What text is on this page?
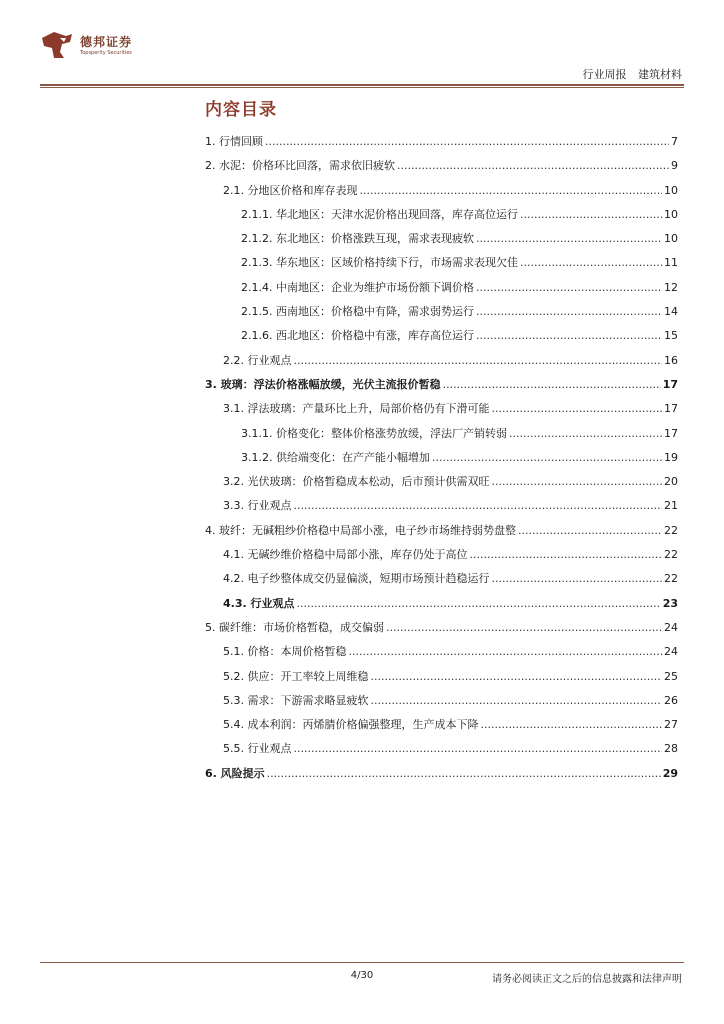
德邦证券
Topsperity Securities
行业周报 建筑材料
内容目录
1. 行情回顾 .....	7
2. 水泥：价格环比回落，需求依旧疲软 .....	9
2.1. 分地区价格和库存表现 .....	10
2.1.1. 华北地区：天津水泥价格出现回落，库存高位运行 .....	10
2.1.2. 东北地区：价格涨跌互现，需求表现疲软 .....	10
2.1.3. 华东地区：区域价格持续下行，市场需求表现欠佳 .....	11
2.1.4. 中南地区：企业为维护市场份额下调价格 .....	12
2.1.5. 西南地区：价格稳中有降，需求弱势运行 .....	14
2.1.6. 西北地区：价格稳中有涨，库存高位运行 .....	15
2.2. 行业观点 .....	16
3. 玻璃：浮法价格涨幅放缓，光伏主流报价暂稳 .....	17
3.1. 浮法玻璃：产量环比上升，局部价格仍有下滑可能 .....	17
3.1.1. 价格变化：整体价格涨势放缓，浮法厂产销转弱 .....	17
3.1.2. 供给端变化：在产产能小幅增加 .....	19
3.2. 光伏玻璃：价格暂稳成本松动，后市预计供需双旺 .....	20
3.3. 行业观点 .....	21
4. 玻纤：无碱粗纱价格稳中局部小涨，电子纱市场维持弱势盘整 .....	22
4.1. 无碱纱维价格稳中局部小涨，库存仍处于高位 .....	22
4.2. 电子纱整体成交仍显偏淡，短期市场预计趋稳运行 .....	22
4.3. 行业观点 .....	23
5. 碳纤维：市场价格暂稳，成交偏弱 .....	24
5.1. 价格：本周价格暂稳 .....	24
5.2. 供应：开工率较上周维稳 .....	25
5.3. 需求：下游需求略显疲软 .....	26
5.4. 成本利润：丙烯腈价格偏强整理，生产成本下降 .....	27
5.5. 行业观点 .....	28
6. 风险提示 .....	29
4/30	请务必阅读正文之后的信息披露和法律声明
